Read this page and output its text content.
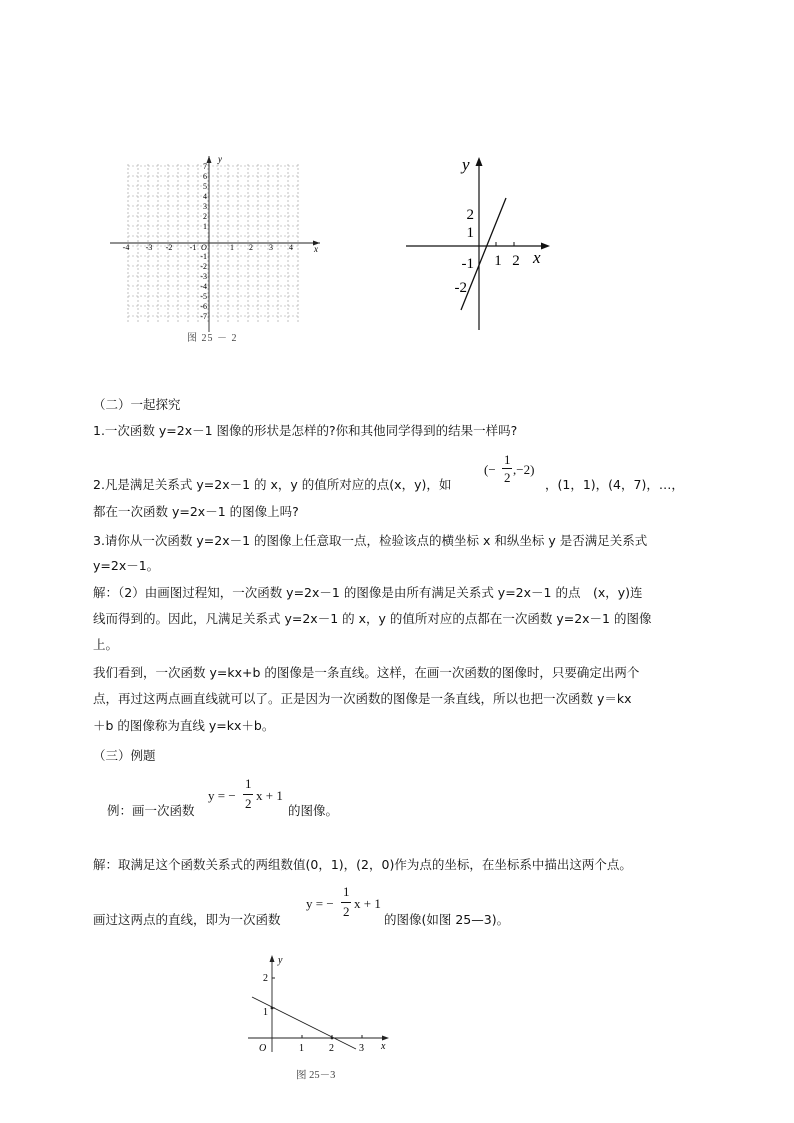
y
x
7
6
5
4
3
2
1
-1
-2
-3
-4
-5
-6
-7
-4 -3 -2 -1	1 2 3 4
O
图 25 － 2
y
x
2
1
-1
-2
1 2
（二）一起探究
1.一次函数 y=2x－1 图像的形状是怎样的?你和其他同学得到的结果一样吗?
2.凡是满足关系式 y=2x－1 的 x，y 的值所对应的点(x，y)，如
(−
1
2
,−2)
，(1，1)，(4，7)，…，
都在一次函数 y=2x－1 的图像上吗?
3.请你从一次函数 y=2x－1 的图像上任意取一点，检验该点的横坐标 x 和纵坐标 y 是否满足关系式
y=2x－1。
解：（2）由画图过程知，一次函数 y=2x－1 的图像是由所有满足关系式 y=2x－1 的点　(x，y)连
线而得到的。因此，凡满足关系式 y=2x－1 的 x，y 的值所对应的点都在一次函数 y=2x－1 的图像
上。
我们看到，一次函数 y=kx+b 的图像是一条直线。这样，在画一次函数的图像时，只要确定出两个
点，再过这两点画直线就可以了。正是因为一次函数的图像是一条直线，所以也把一次函数 y＝kx
＋b 的图像称为直线 y=kx＋b。
（三）例题
例：画一次函数
y = −
1
2
x + 1
的图像。
解：取满足这个函数关系式的两组数值(0，1)，(2，0)作为点的坐标，在坐标系中描出这两个点。
画过这两点的直线，即为一次函数
y = −
1
2
x + 1
的图像(如图 25—3)。
y
x
O
2
1
1	2	3
图 25－3
